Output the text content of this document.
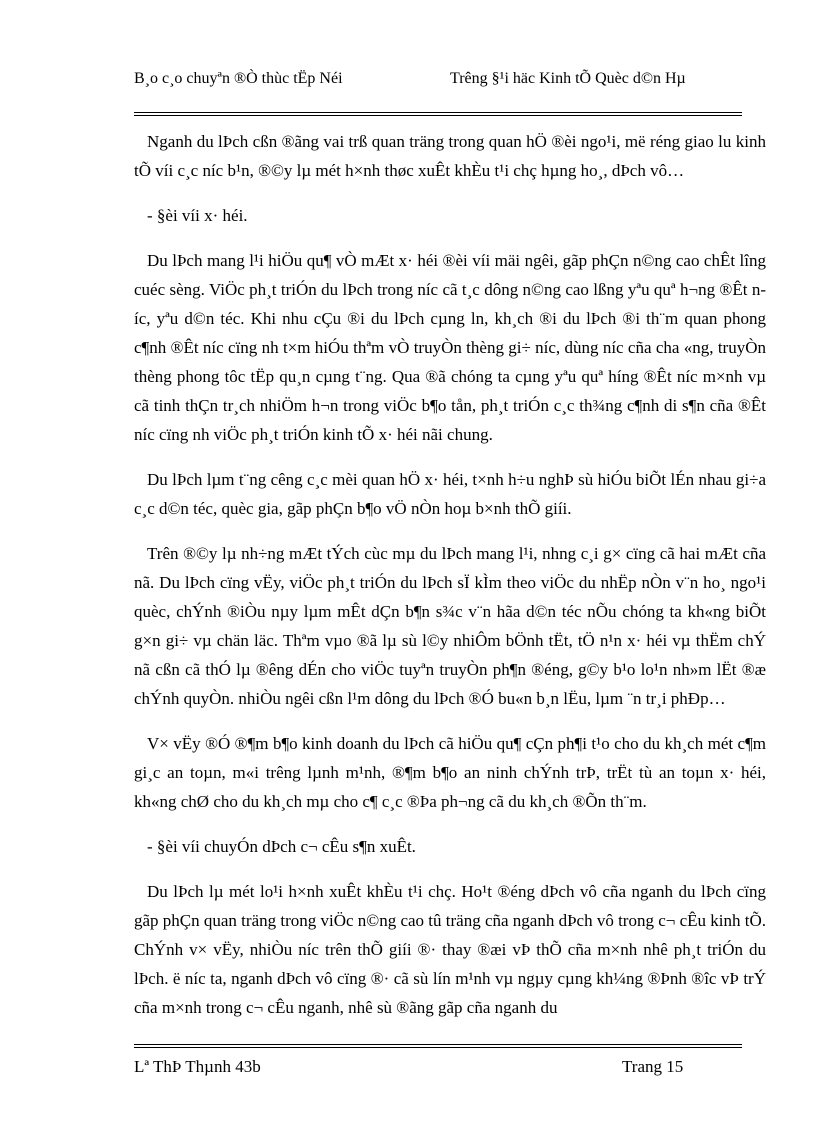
B¸o c¸o chuyªn ®Ò thùc tËp Néi	Trêng §¹i häc Kinh tÕ Quèc d©n Hµ

Nganh du lÞch cßn ®ãng vai trß quan träng trong quan hÖ ®èi ngo¹i, më réng giao lu kinh tÕ víi c¸c níc b¹n, ®©y lµ mét h×nh thøc xuÊt khÈu t¹i chç hµng ho¸, dÞch vô…

- §èi víi x· héi.

Du lÞch mang l¹i hiÖu qu¶ vÒ mÆt x· héi ®èi víi mäi ngêi, gãp phÇn n©ng cao chÊt lîng cuéc sèng. ViÖc ph¸t triÓn du lÞch trong níc cã t¸c dông n©ng cao lßng yªu quª h¬ng ®Êt níc, yªu d©n téc. Khi nhu cÇu ®i du lÞch cµng ln, kh¸ch ®i du lÞch ®i th¨m quan phong c¶nh ®Êt níc cïng nh t×m hiÓu thªm vÒ truyÒn thèng gi÷ níc, dùng níc cña cha «ng, truyÒn thèng phong tôc tËp qu¸n cµng t¨ng. Qua ®ã chóng ta cµng yªu quª híng ®Êt níc m×nh vµ cã tinh thÇn tr¸ch nhiÖm h¬n trong viÖc b¶o tån, ph¸t triÓn c¸c th¾ng c¶nh di s¶n cña ®Êt níc cïng nh viÖc ph¸t triÓn kinh tÕ x· héi nãi chung.

Du lÞch lµm t¨ng cêng c¸c mèi quan hÖ x· héi, t×nh h÷u nghÞ sù hiÓu biÕt lÉn nhau gi÷a c¸c d©n téc, quèc gia, gãp phÇn b¶o vÖ nÒn hoµ b×nh thÕ giíi.

Trên ®©y lµ nh÷ng mÆt tÝch cùc mµ du lÞch mang l¹i, nhng c¸i g× cïng cã hai mÆt cña nã. Du lÞch cïng vËy, viÖc ph¸t triÓn du lÞch sÏ kÌm theo viÖc du nhËp nÒn v¨n ho¸ ngo¹i quèc, chÝnh ®iÒu nµy lµm mÊt dÇn b¶n s¾c v¨n hãa d©n téc nÕu chóng ta kh«ng biÕt g×n gi÷ vµ chän läc. Thªm vµo ®ã lµ sù l©y nhiÔm bÖnh tËt, tÖ n¹n x· héi vµ thËm chÝ nã cßn cã thÓ lµ ®êng dÉn cho viÖc tuyªn truyÒn ph¶n ®éng, g©y b¹o lo¹n nh»m lËt ®æ chÝnh quyÒn. nhiÒu ngêi cßn l¹m dông du lÞch ®Ó bu«n b¸n lËu, lµm ¨n tr¸i phÐp…

V× vËy ®Ó ®¶m b¶o kinh doanh du lÞch cã hiÖu qu¶ cÇn ph¶i t¹o cho du kh¸ch mét c¶m gi¸c an toµn, m«i trêng lµnh m¹nh, ®¶m b¶o an ninh chÝnh trÞ, trËt tù an toµn x· héi, kh«ng chØ cho du kh¸ch mµ cho c¶ c¸c ®Þa ph¬ng cã du kh¸ch ®Õn th¨m.

- §èi víi chuyÓn dÞch c¬ cÊu s¶n xuÊt.

Du lÞch lµ mét lo¹i h×nh xuÊt khÈu t¹i chç. Ho¹t ®éng dÞch vô cña nganh du lÞch cïng gãp phÇn quan träng trong viÖc n©ng cao tû träng cña nganh dÞch vô trong c¬ cÊu kinh tÕ. ChÝnh v× vËy, nhiÒu níc trên thÕ giíi ®· thay ®æi vÞ thÕ cña m×nh nhê ph¸t triÓn du lÞch. ë níc ta, nganh dÞch vô cïng ®· cã sù lín m¹nh vµ ngµy cµng kh¼ng ®Þnh ®îc vÞ trÝ cña m×nh trong c¬ cÊu nganh, nhê sù ®ãng gãp cña nganh du

Lª ThÞ Thµnh 43b	Trang 15
